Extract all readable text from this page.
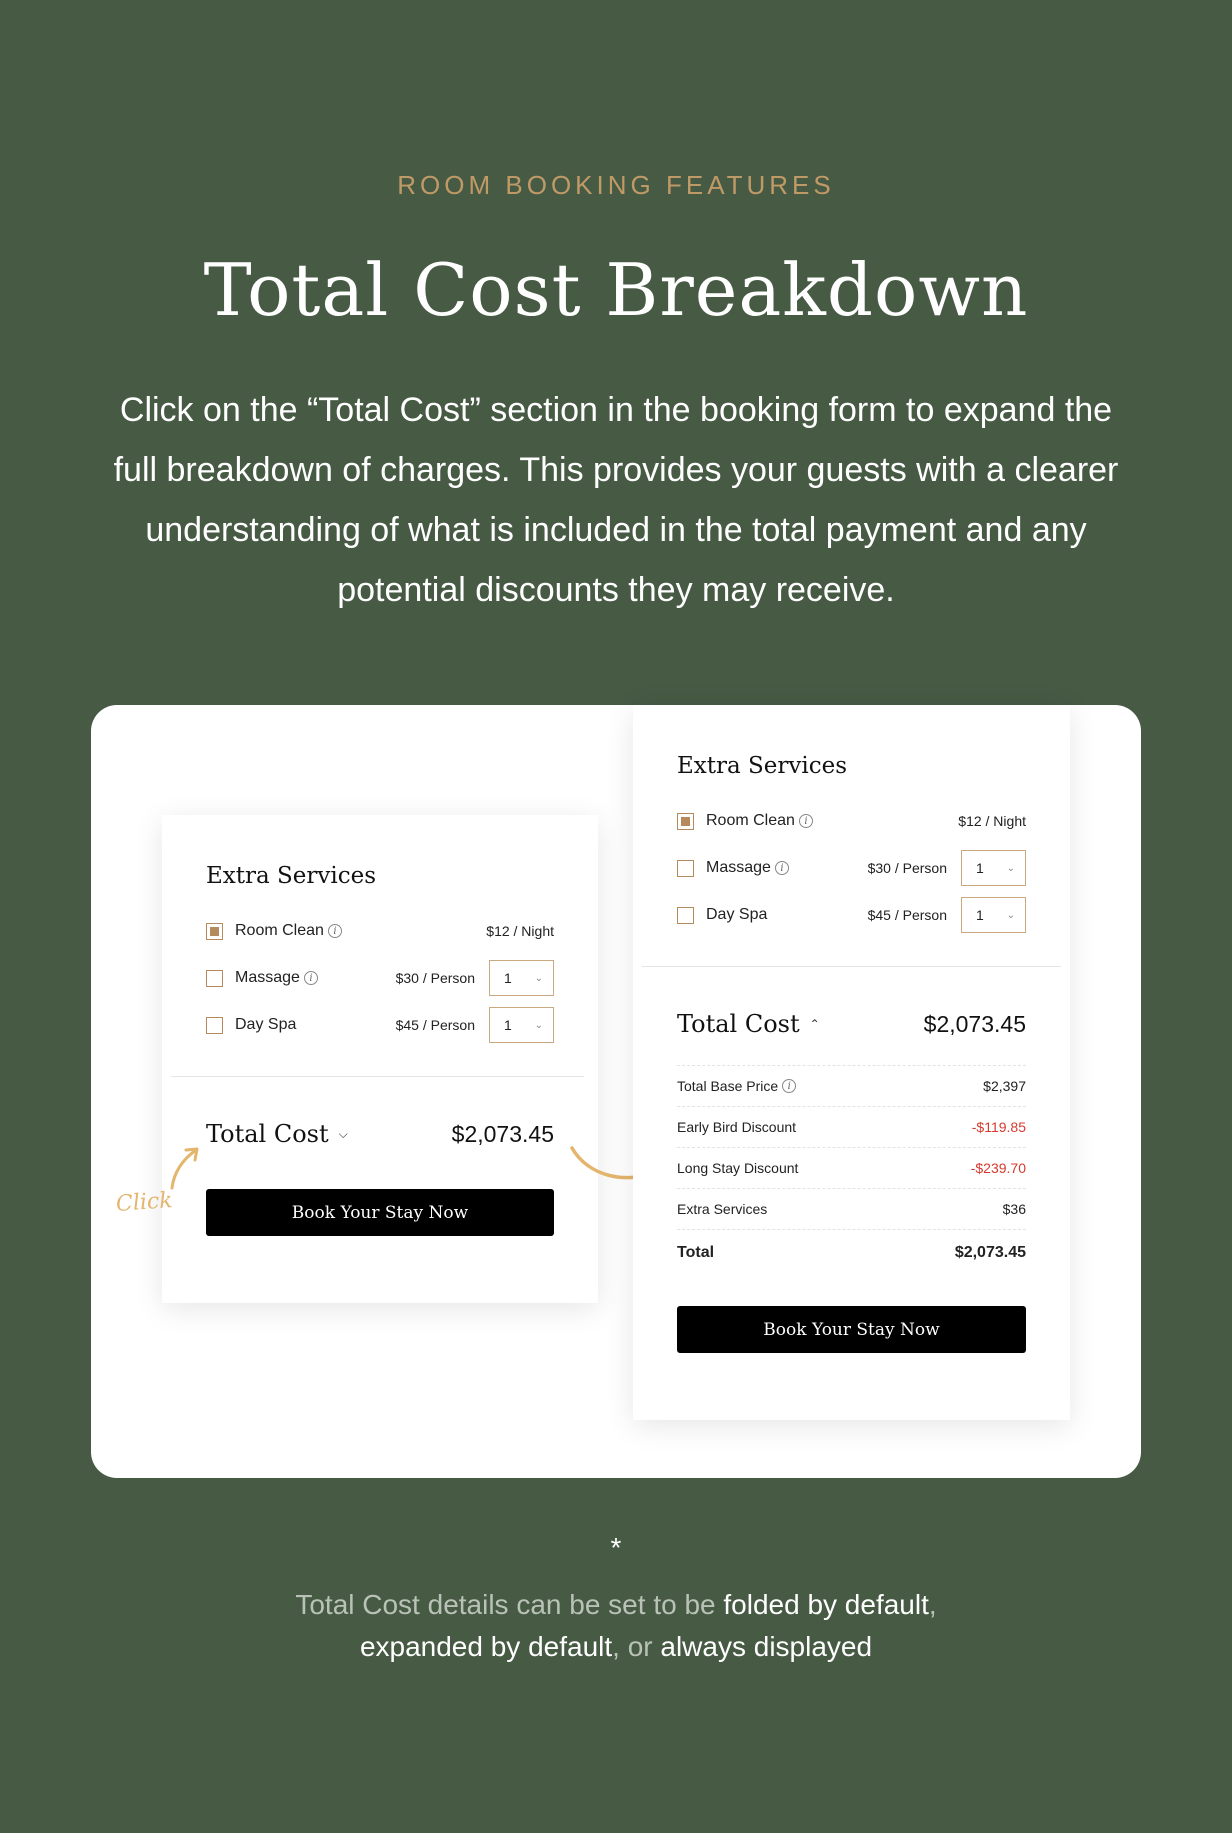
ROOM BOOKING FEATURES
Total Cost Breakdown
Click on the “Total Cost” section in the booking form to expand the full breakdown of charges. This provides your guests with a clearer understanding of what is included in the total payment and any potential discounts they may receive.
Extra Services
Room Clean i	$12 / Night
Massage i	$30 / Person 1 ⌄
Day Spa	$45 / Person 1 ⌄
Total Cost ⌵	$2,073.45
Book Your Stay Now
Click
Extra Services
Room Clean i	$12 / Night
Massage i	$30 / Person 1 ⌄
Day Spa	$45 / Person 1 ⌄
Total Cost ⌃	$2,073.45
Total Base Price i	$2,397
Early Bird Discount	-$119.85
Long Stay Discount	-$239.70
Extra Services	$36
Total	$2,073.45
Book Your Stay Now
*
Total Cost details can be set to be folded by default,
expanded by default, or always displayed
